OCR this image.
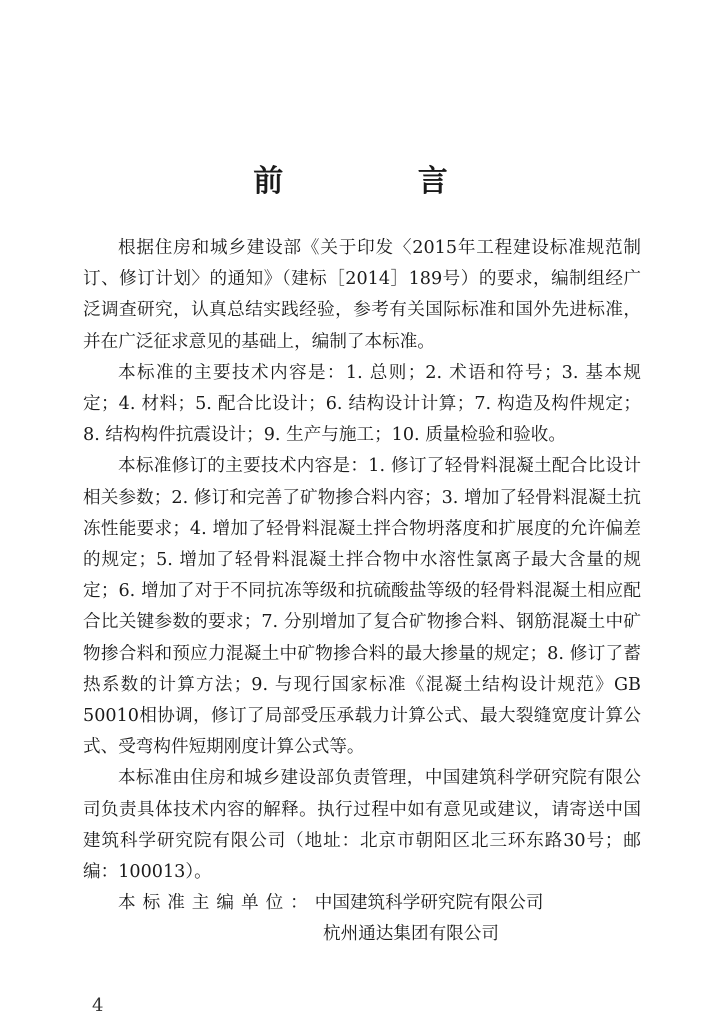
前 言

根据住房和城乡建设部《关于印发〈2015年工程建设标准规范制订、修订计划〉的通知》（建标［2014］189号）的要求，编制组经广泛调查研究，认真总结实践经验，参考有关国际标准和国外先进标准，并在广泛征求意见的基础上，编制了本标准。

本标准的主要技术内容是：1. 总则；2. 术语和符号；3. 基本规定；4. 材料；5. 配合比设计；6. 结构设计计算；7. 构造及构件规定；8. 结构构件抗震设计；9. 生产与施工；10. 质量检验和验收。

本标准修订的主要技术内容是：1. 修订了轻骨料混凝土配合比设计相关参数；2. 修订和完善了矿物掺合料内容；3. 增加了轻骨料混凝土抗冻性能要求；4. 增加了轻骨料混凝土拌合物坍落度和扩展度的允许偏差的规定；5. 增加了轻骨料混凝土拌合物中水溶性氯离子最大含量的规定；6. 增加了对于不同抗冻等级和抗硫酸盐等级的轻骨料混凝土相应配合比关键参数的要求；7. 分别增加了复合矿物掺合料、钢筋混凝土中矿物掺合料和预应力混凝土中矿物掺合料的最大掺量的规定；8. 修订了蓄热系数的计算方法；9. 与现行国家标准《混凝土结构设计规范》GB 50010相协调，修订了局部受压承载力计算公式、最大裂缝宽度计算公式、受弯构件短期刚度计算公式等。

本标准由住房和城乡建设部负责管理，中国建筑科学研究院有限公司负责具体技术内容的解释。执行过程中如有意见或建议，请寄送中国建筑科学研究院有限公司（地址：北京市朝阳区北三环东路30号；邮编：100013）。

本标准主编单位：中国建筑科学研究院有限公司
杭州通达集团有限公司
4
